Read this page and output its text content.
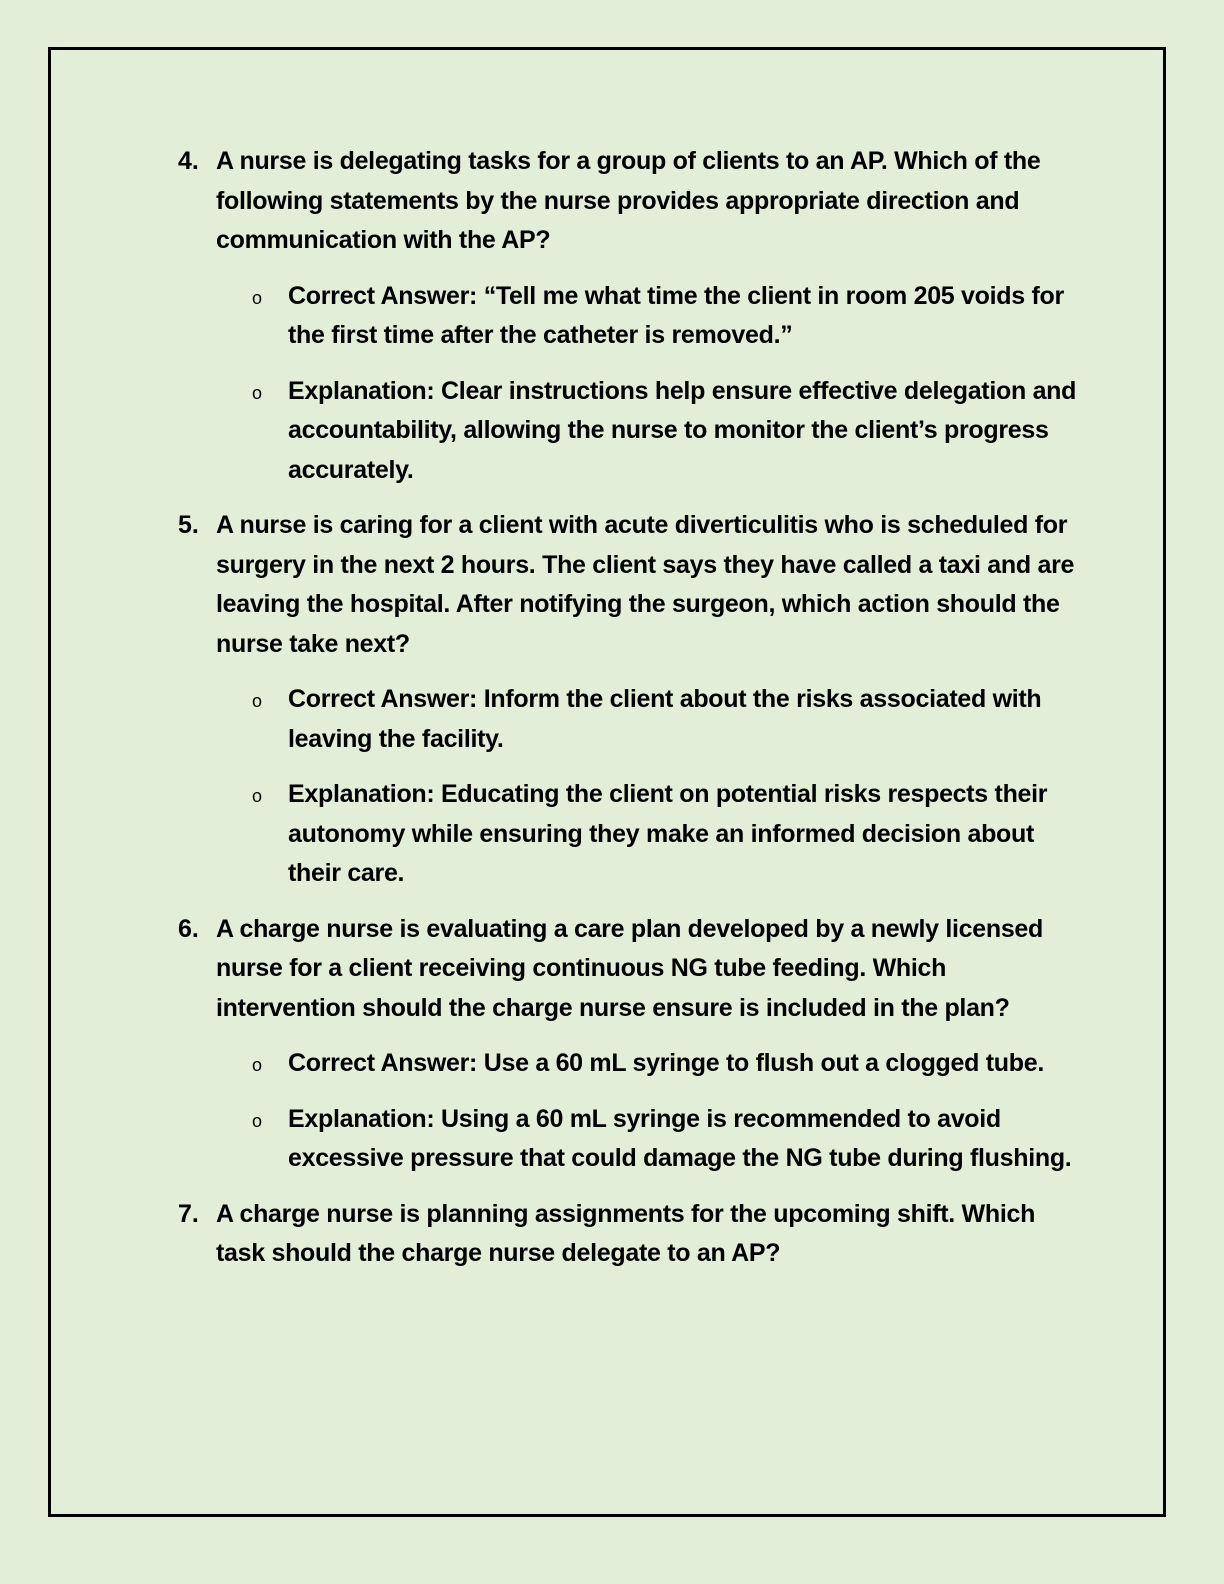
4. A nurse is delegating tasks for a group of clients to an AP. Which of the following statements by the nurse provides appropriate direction and communication with the AP?
o Correct Answer: “Tell me what time the client in room 205 voids for the first time after the catheter is removed.”
o Explanation: Clear instructions help ensure effective delegation and accountability, allowing the nurse to monitor the client’s progress accurately.
5. A nurse is caring for a client with acute diverticulitis who is scheduled for surgery in the next 2 hours. The client says they have called a taxi and are leaving the hospital. After notifying the surgeon, which action should the nurse take next?
o Correct Answer: Inform the client about the risks associated with leaving the facility.
o Explanation: Educating the client on potential risks respects their autonomy while ensuring they make an informed decision about their care.
6. A charge nurse is evaluating a care plan developed by a newly licensed nurse for a client receiving continuous NG tube feeding. Which intervention should the charge nurse ensure is included in the plan?
o Correct Answer: Use a 60 mL syringe to flush out a clogged tube.
o Explanation: Using a 60 mL syringe is recommended to avoid excessive pressure that could damage the NG tube during flushing.
7. A charge nurse is planning assignments for the upcoming shift. Which task should the charge nurse delegate to an AP?
